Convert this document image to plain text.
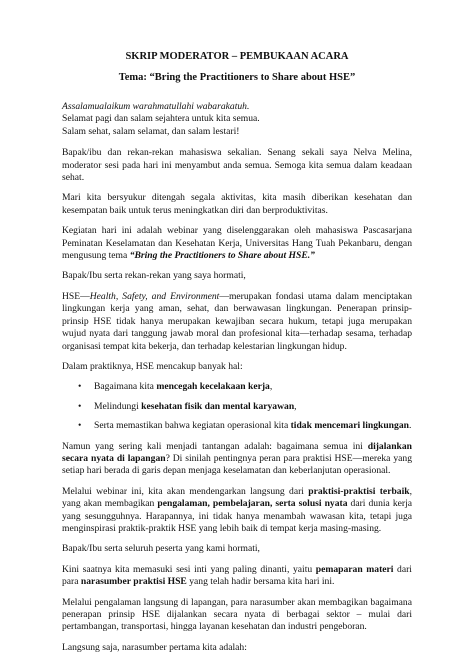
SKRIP MODERATOR – PEMBUKAAN ACARA
Tema: “Bring the Practitioners to Share about HSE”

Assalamualaikum warahmatullahi wabarakatuh.

Selamat pagi dan salam sejahtera untuk kita semua.

Salam sehat, salam selamat, dan salam lestari!

Bapak/ibu dan rekan-rekan mahasiswa sekalian. Senang sekali saya Nelva Melina, moderator sesi pada hari ini menyambut anda semua. Semoga kita semua dalam keadaan sehat.

Mari kita bersyukur ditengah segala aktivitas, kita masih diberikan kesehatan dan kesempatan baik untuk terus meningkatkan diri dan berproduktivitas.

Kegiatan hari ini adalah webinar yang diselenggarakan oleh mahasiswa Pascasarjana Peminatan Keselamatan dan Kesehatan Kerja, Universitas Hang Tuah Pekanbaru, dengan mengusung tema “Bring the Practitioners to Share about HSE.”

Bapak/Ibu serta rekan-rekan yang saya hormati,

HSE—Health, Safety, and Environment—merupakan fondasi utama dalam menciptakan lingkungan kerja yang aman, sehat, dan berwawasan lingkungan. Penerapan prinsip-prinsip HSE tidak hanya merupakan kewajiban secara hukum, tetapi juga merupakan wujud nyata dari tanggung jawab moral dan profesional kita—terhadap sesama, terhadap organisasi tempat kita bekerja, dan terhadap kelestarian lingkungan hidup.

Dalam praktiknya, HSE mencakup banyak hal:

• Bagaimana kita mencegah kecelakaan kerja,
• Melindungi kesehatan fisik dan mental karyawan,
• Serta memastikan bahwa kegiatan operasional kita tidak mencemari lingkungan.

Namun yang sering kali menjadi tantangan adalah: bagaimana semua ini dijalankan secara nyata di lapangan? Di sinilah pentingnya peran para praktisi HSE—mereka yang setiap hari berada di garis depan menjaga keselamatan dan keberlanjutan operasional.

Melalui webinar ini, kita akan mendengarkan langsung dari praktisi-praktisi terbaik, yang akan membagikan pengalaman, pembelajaran, serta solusi nyata dari dunia kerja yang sesungguhnya. Harapannya, ini tidak hanya menambah wawasan kita, tetapi juga menginspirasi praktik-praktik HSE yang lebih baik di tempat kerja masing-masing.

Bapak/Ibu serta seluruh peserta yang kami hormati,

Kini saatnya kita memasuki sesi inti yang paling dinanti, yaitu pemaparan materi dari para narasumber praktisi HSE yang telah hadir bersama kita hari ini.

Melalui pengalaman langsung di lapangan, para narasumber akan membagikan bagaimana penerapan prinsip HSE dijalankan secara nyata di berbagai sektor – mulai dari pertambangan, transportasi, hingga layanan kesehatan dan industri pengeboran.

Langsung saja, narasumber pertama kita adalah:
